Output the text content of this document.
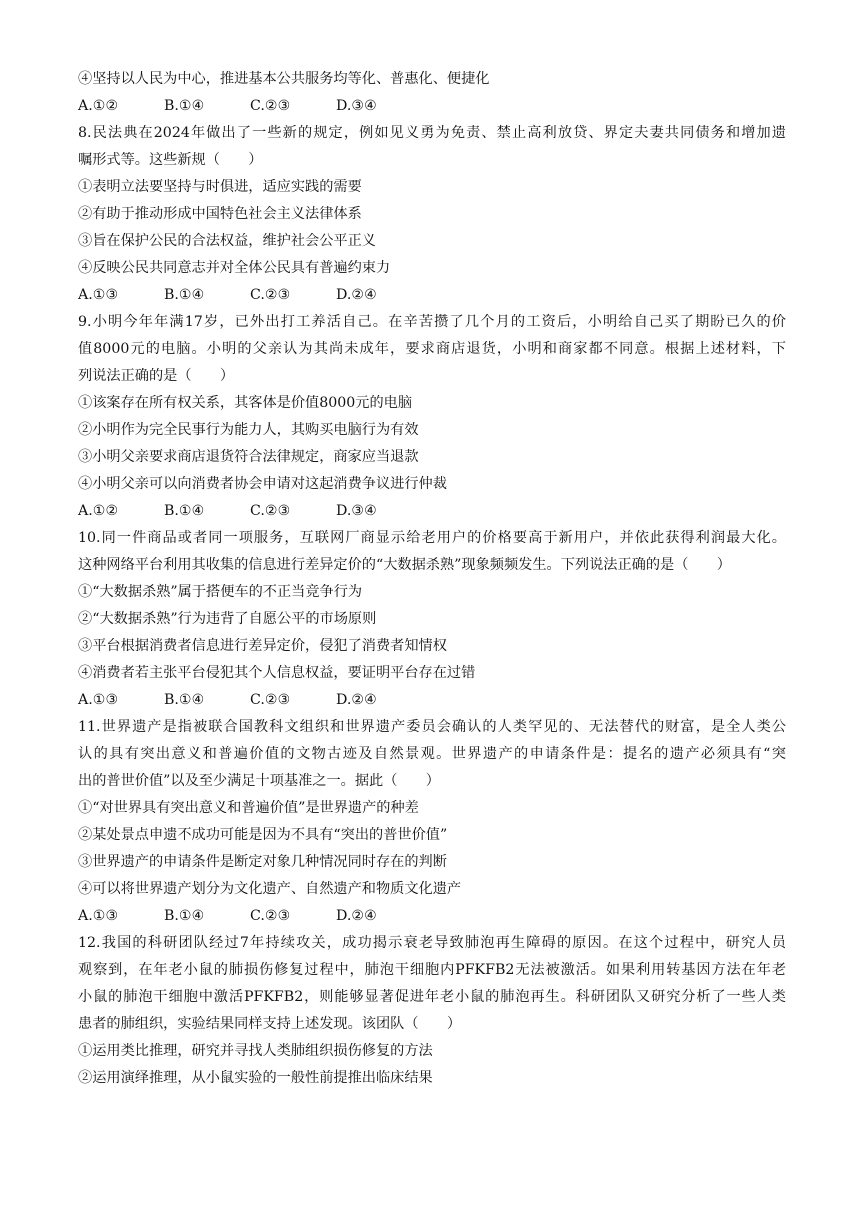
④坚持以人民为中心，推进基本公共服务均等化、普惠化、便捷化
A.①②	B.①④	C.②③	D.③④
8.民法典在2024年做出了一些新的规定，例如见义勇为免责、禁止高利放贷、界定夫妻共同债务和增加遗
嘱形式等。这些新规（　　）
①表明立法要坚持与时俱进，适应实践的需要
②有助于推动形成中国特色社会主义法律体系
③旨在保护公民的合法权益，维护社会公平正义
④反映公民共同意志并对全体公民具有普遍约束力
A.①③	B.①④	C.②③	D.②④
9.小明今年年满17岁，已外出打工养活自己。在辛苦攒了几个月的工资后，小明给自己买了期盼已久的价
值8000元的电脑。小明的父亲认为其尚未成年，要求商店退货，小明和商家都不同意。根据上述材料，下
列说法正确的是（　　）
①该案存在所有权关系，其客体是价值8000元的电脑
②小明作为完全民事行为能力人，其购买电脑行为有效
③小明父亲要求商店退货符合法律规定，商家应当退款
④小明父亲可以向消费者协会申请对这起消费争议进行仲裁
A.①②	B.①④	C.②③	D.③④
10.同一件商品或者同一项服务，互联网厂商显示给老用户的价格要高于新用户，并依此获得利润最大化。
这种网络平台利用其收集的信息进行差异定价的“大数据杀熟”现象频频发生。下列说法正确的是（　　）
①“大数据杀熟”属于搭便车的不正当竞争行为
②“大数据杀熟”行为违背了自愿公平的市场原则
③平台根据消费者信息进行差异定价，侵犯了消费者知情权
④消费者若主张平台侵犯其个人信息权益，要证明平台存在过错
A.①③	B.①④	C.②③	D.②④
11.世界遗产是指被联合国教科文组织和世界遗产委员会确认的人类罕见的、无法替代的财富，是全人类公
认的具有突出意义和普遍价值的文物古迹及自然景观。世界遗产的申请条件是：提名的遗产必须具有“突
出的普世价值”以及至少满足十项基准之一。据此（　　）
①“对世界具有突出意义和普遍价值”是世界遗产的种差
②某处景点申遗不成功可能是因为不具有“突出的普世价值”
③世界遗产的申请条件是断定对象几种情况同时存在的判断
④可以将世界遗产划分为文化遗产、自然遗产和物质文化遗产
A.①③	B.①④	C.②③	D.②④
12.我国的科研团队经过7年持续攻关，成功揭示衰老导致肺泡再生障碍的原因。在这个过程中，研究人员
观察到，在年老小鼠的肺损伤修复过程中，肺泡干细胞内PFKFB2无法被激活。如果利用转基因方法在年老
小鼠的肺泡干细胞中激活PFKFB2，则能够显著促进年老小鼠的肺泡再生。科研团队又研究分析了一些人类
患者的肺组织，实验结果同样支持上述发现。该团队（　　）
①运用类比推理，研究并寻找人类肺组织损伤修复的方法
②运用演绎推理，从小鼠实验的一般性前提推出临床结果
